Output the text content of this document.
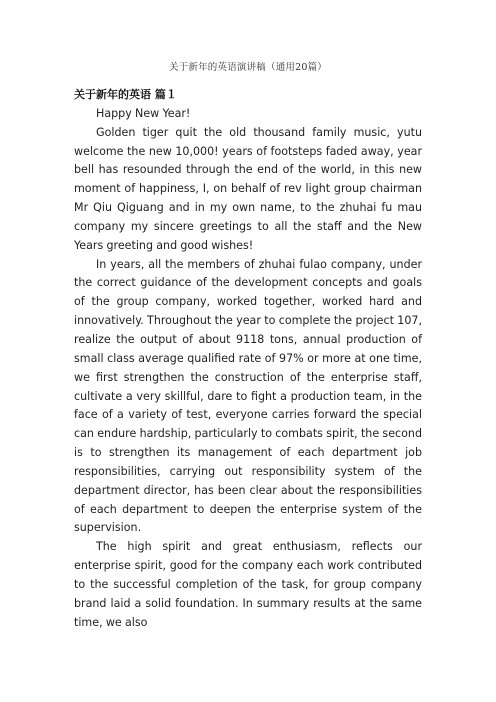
关于新年的英语演讲稿（通用20篇）
关于新年的英语 篇１

Happy New Year!

Golden tiger quit the old thousand family music, yutu welcome the new 10,000! years of footsteps faded away, year bell has resounded through the end of the world, in this new moment of happiness, I, on behalf of rev light group chairman Mr Qiu Qiguang and in my own name, to the zhuhai fu mau company my sincere greetings to all the staff and the New Years greeting and good wishes!

In years, all the members of zhuhai fulao company, under the correct guidance of the development concepts and goals of the group company, worked together, worked hard and innovatively. Throughout the year to complete the project 107, realize the output of about 9118 tons, annual production of small class average qualified rate of 97% or more at one time, we first strengthen the construction of the enterprise staff, cultivate a very skillful, dare to fight a production team, in the face of a variety of test, everyone carries forward the special can endure hardship, particularly to combats spirit, the second is to strengthen its management of each department job responsibilities, carrying out responsibility system of the department director, has been clear about the responsibilities of each department to deepen the enterprise system of the supervision.

The high spirit and great enthusiasm, reflects our enterprise spirit, good for the company each work contributed to the successful completion of the task, for group company brand laid a solid foundation. In summary results at the same time, we also
